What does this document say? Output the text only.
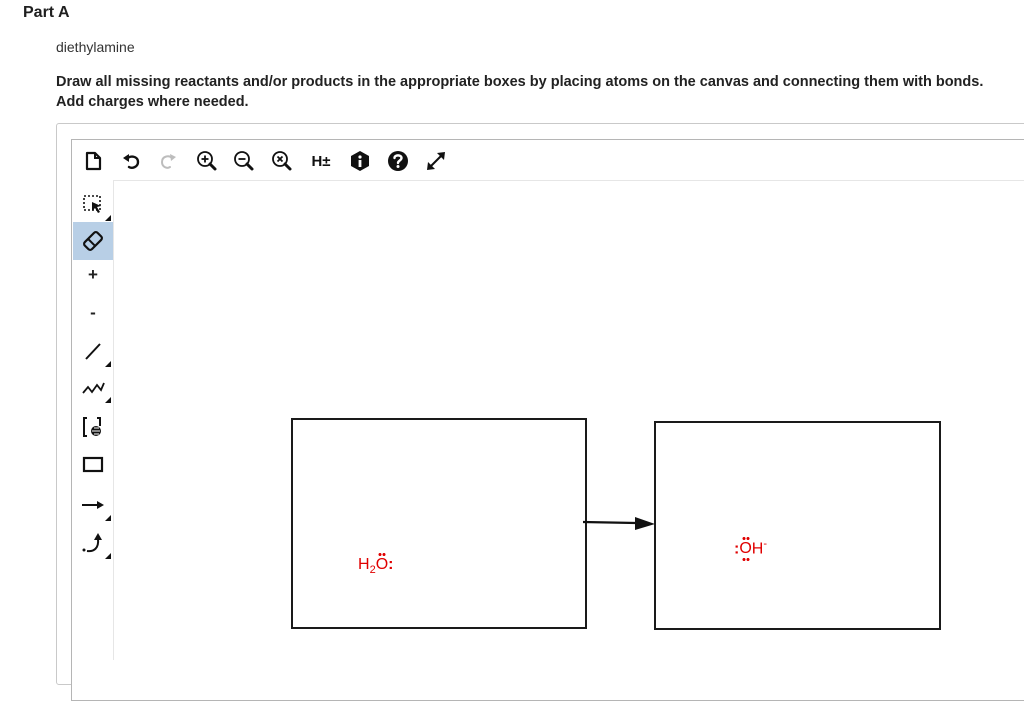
Part A
diethylamine
Draw all missing reactants and/or products in the appropriate boxes by placing atoms on the canvas and connecting them with bonds. Add charges where needed.
H±
+
-
$H_2O$:
:OH-
